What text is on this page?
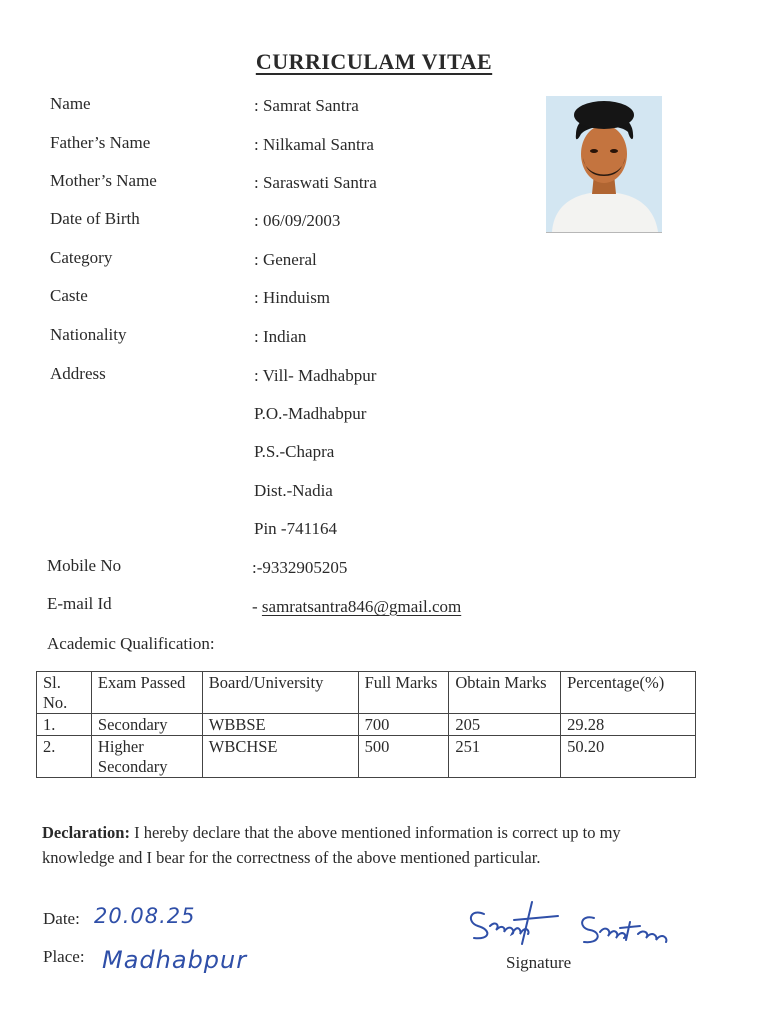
CURRICULAM VITAE
Name	: Samrat Santra
Father’s Name	: Nilkamal Santra
Mother’s Name	: Saraswati Santra
Date of Birth	: 06/09/2003
Category	: General
Caste	: Hinduism
Nationality	: Indian
Address	: Vill- Madhabpur
P.O.-Madhabpur
P.S.-Chapra
Dist.-Nadia
Pin -741164
Mobile No	:-9332905205
E-mail Id	- samratsantra846@gmail.com
Academic Qualification:
Sl. No.	Exam Passed	Board/University	Full Marks	Obtain Marks	Percentage(%)
1.	Secondary	WBBSE	700	205	29.28
2.	Higher Secondary	WBCHSE	500	251	50.20
Declaration: I hereby declare that the above mentioned information is correct up to my knowledge and I bear for the correctness of the above mentioned particular.
Date: 20.08.25
Place: Madhabpur
Samrat Santra
Signature
